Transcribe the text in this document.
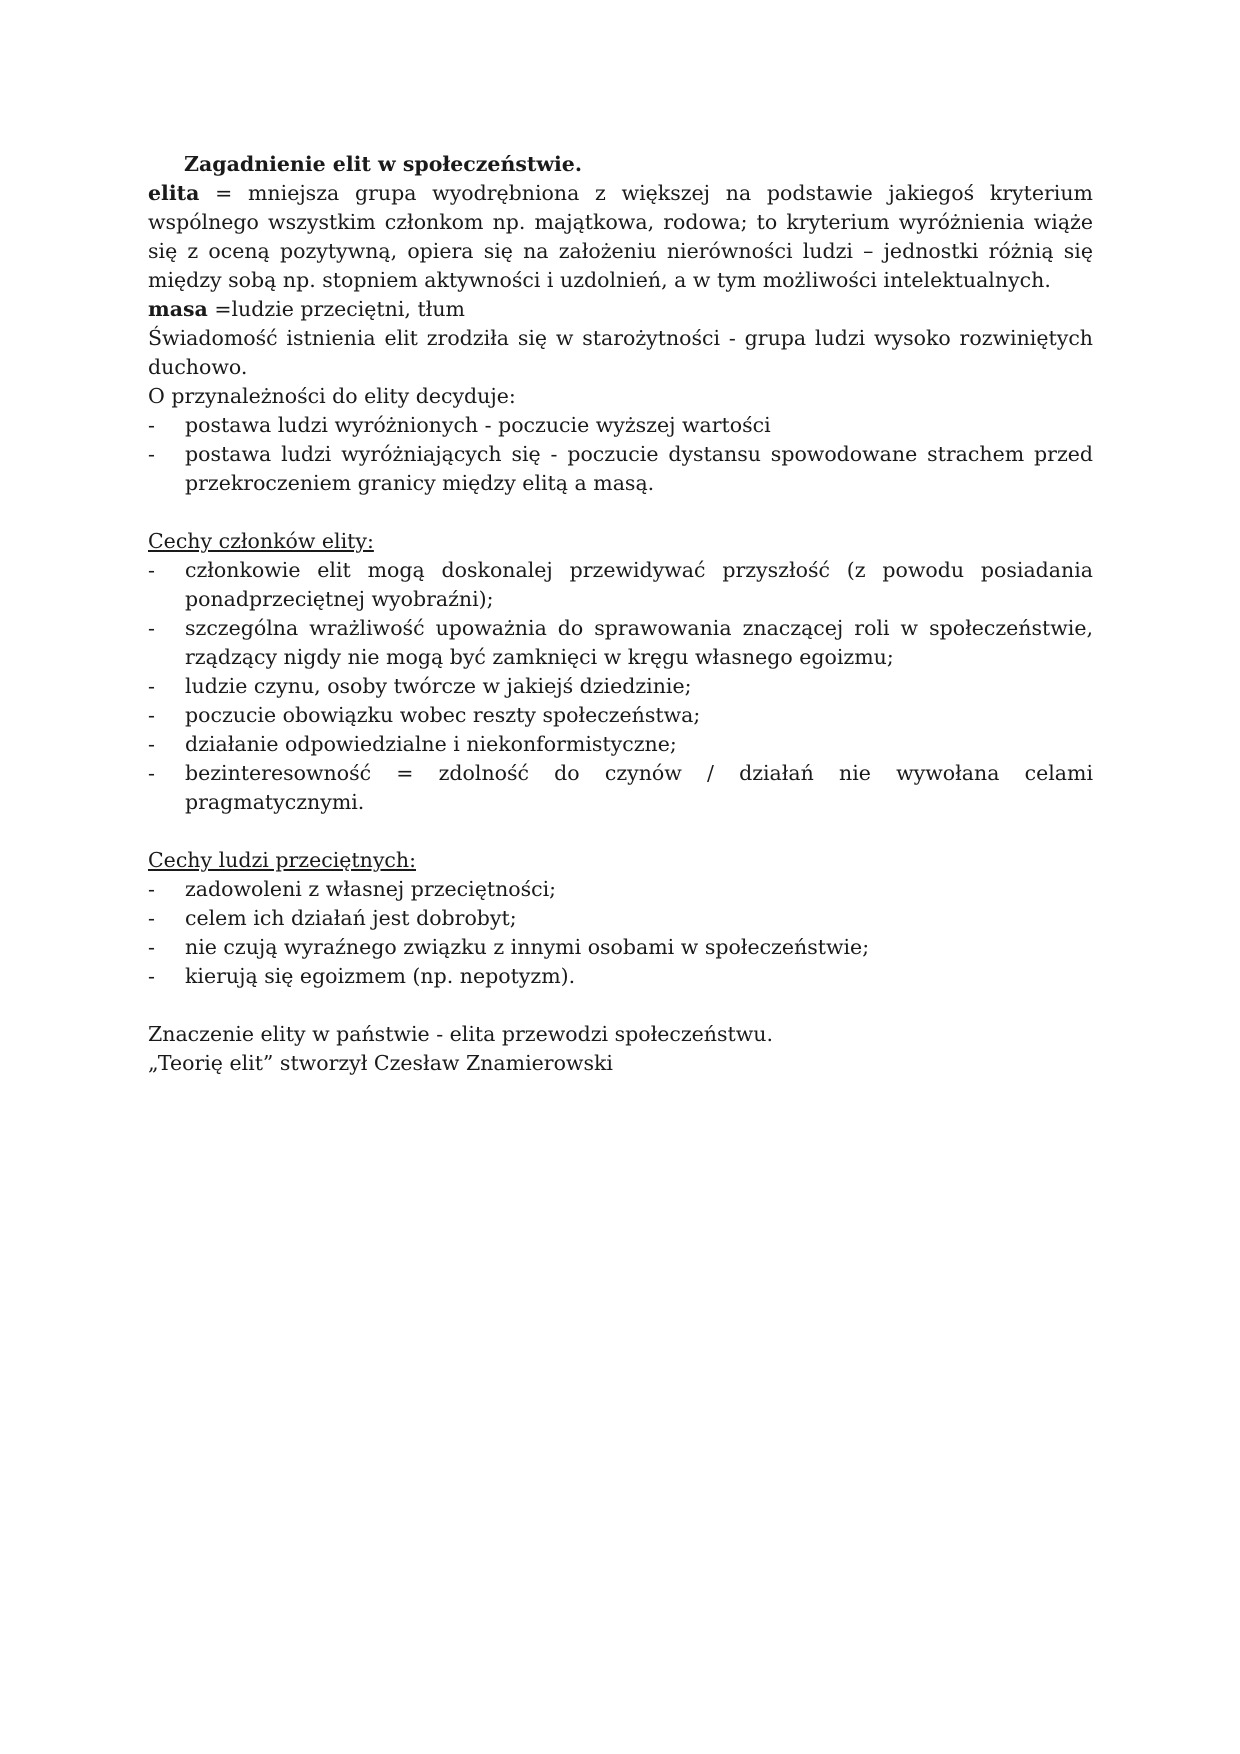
Zagadnienie elit w społeczeństwie.

elita = mniejsza grupa wyodrębniona z większej na podstawie jakiegoś kryterium wspólnego wszystkim członkom np. majątkowa, rodowa; to kryterium wyróżnienia wiąże się z oceną pozytywną, opiera się na założeniu nierówności ludzi – jednostki różnią się między sobą np. stopniem aktywności i uzdolnień, a w tym możliwości intelektualnych.

masa =ludzie przeciętni, tłum

Świadomość istnienia elit zrodziła się w starożytności - grupa ludzi wysoko rozwiniętych duchowo.

O przynależności do elity decyduje:

- postawa ludzi wyróżnionych - poczucie wyższej wartości
- postawa ludzi wyróżniających się - poczucie dystansu spowodowane strachem przed przekroczeniem granicy między elitą a masą.

Cechy członków elity:

- członkowie elit mogą doskonalej przewidywać przyszłość (z powodu posiadania ponadprzeciętnej wyobraźni);
- szczególna wrażliwość upoważnia do sprawowania znaczącej roli w społeczeństwie, rządzący nigdy nie mogą być zamknięci w kręgu własnego egoizmu;
- ludzie czynu, osoby twórcze w jakiejś dziedzinie;
- poczucie obowiązku wobec reszty społeczeństwa;
- działanie odpowiedzialne i niekonformistyczne;
- bezinteresowność = zdolność do czynów / działań nie wywołana celami pragmatycznymi.

Cechy ludzi przeciętnych:

- zadowoleni z własnej przeciętności;
- celem ich działań jest dobrobyt;
- nie czują wyraźnego związku z innymi osobami w społeczeństwie;
- kierują się egoizmem (np. nepotyzm).

Znaczenie elity w państwie - elita przewodzi społeczeństwu.

„Teorię elit” stworzył Czesław Znamierowski
